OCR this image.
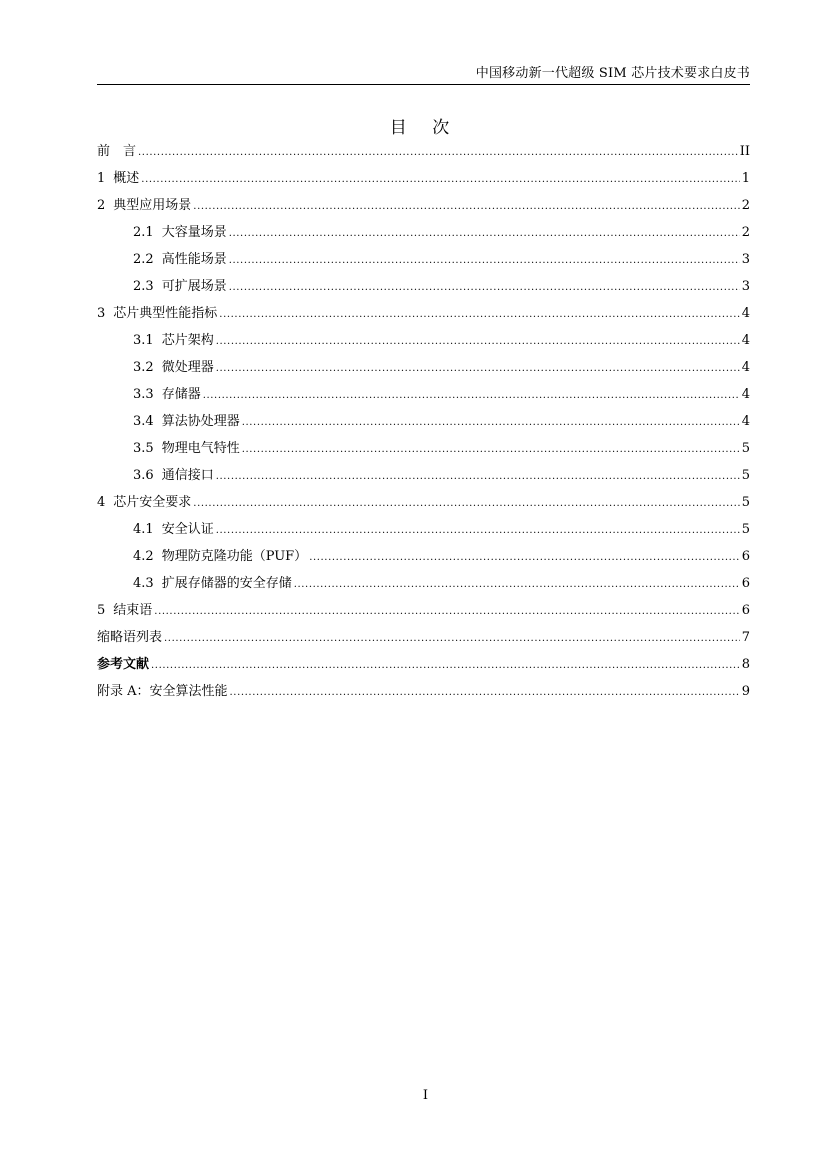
中国移动新一代超级 SIM 芯片技术要求白皮书
目 次
前　言 .....	II
1 概述 .....	1
2 典型应用场景 .....	2
2.1 大容量场景 .....	2
2.2 高性能场景 .....	3
2.3 可扩展场景 .....	3
3 芯片典型性能指标 .....	4
3.1 芯片架构 .....	4
3.2 微处理器 .....	4
3.3 存储器 .....	4
3.4 算法协处理器 .....	4
3.5 物理电气特性 .....	5
3.6 通信接口 .....	5
4 芯片安全要求 .....	5
4.1 安全认证 .....	5
4.2 物理防克隆功能（PUF） .....	6
4.3 扩展存储器的安全存储 .....	6
5 结束语 .....	6
缩略语列表 .....	7
参考文献 .....	8
附录 A：安全算法性能 .....	9
I
